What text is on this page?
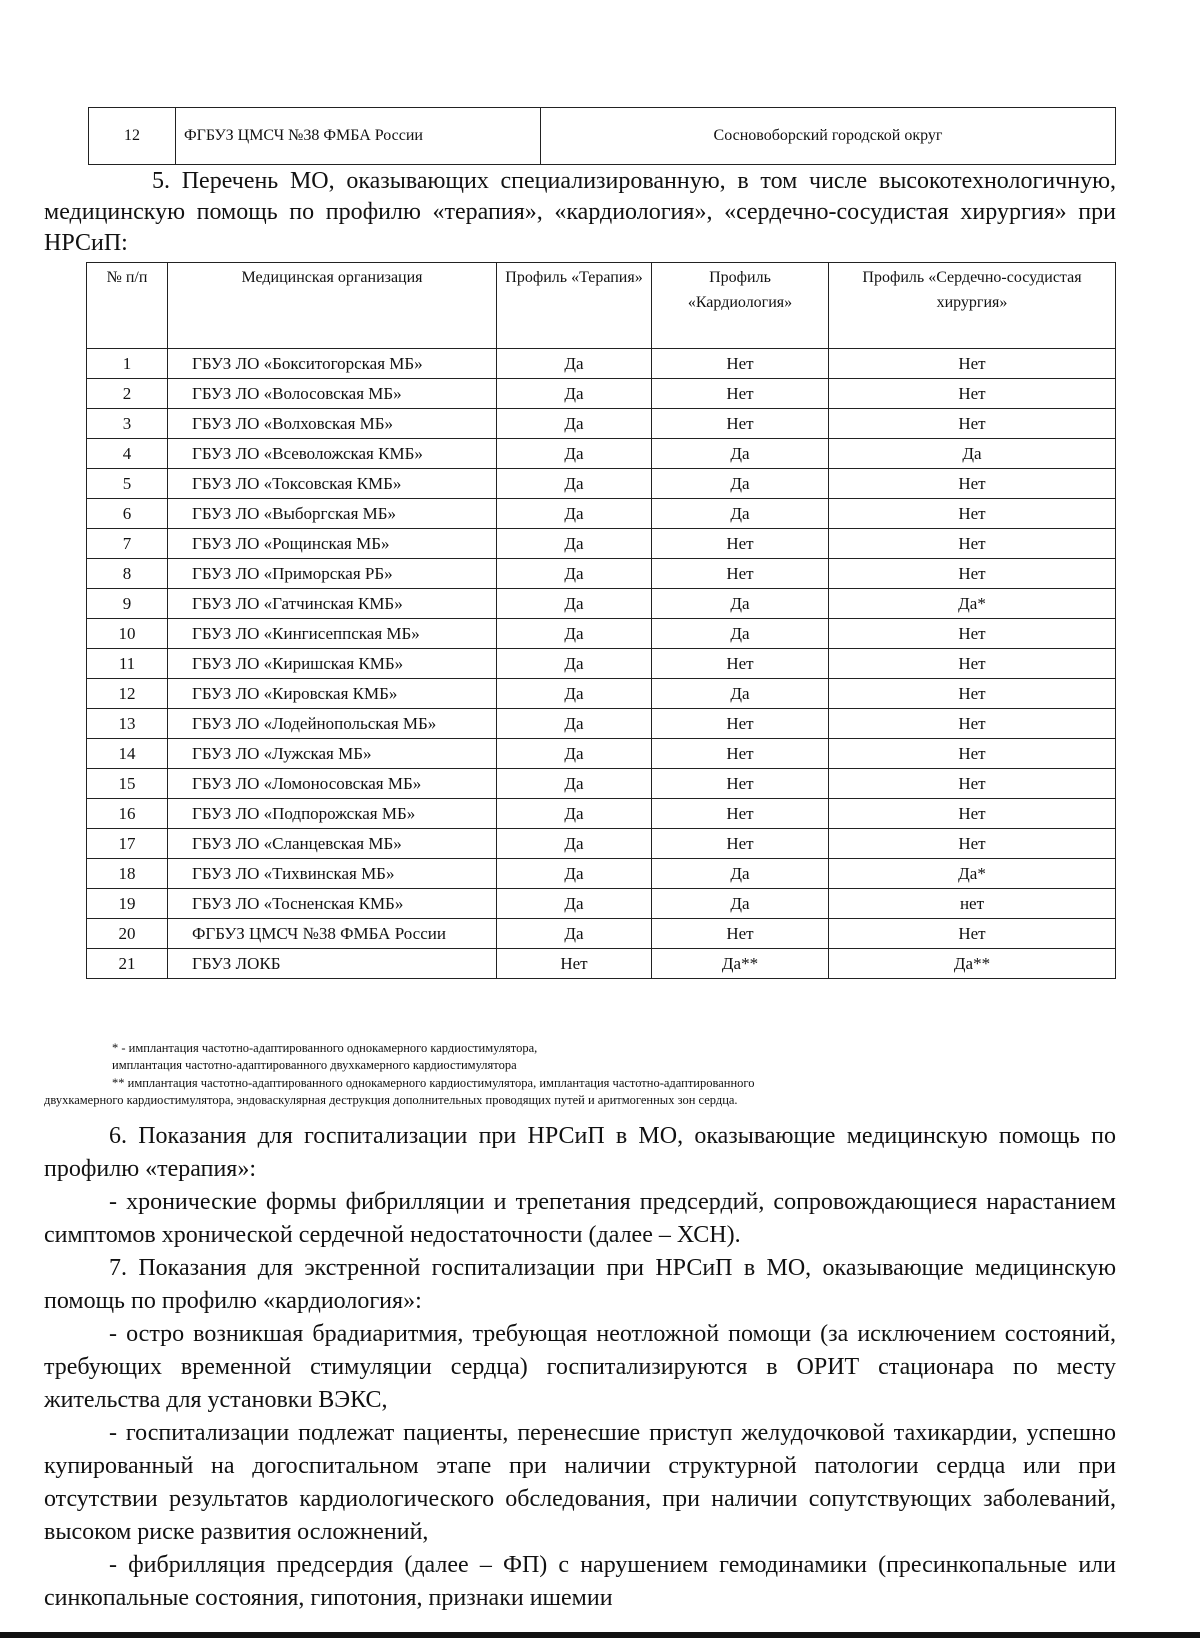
12	ФГБУЗ ЦМСЧ №38 ФМБА России	Сосновоборский городской округ

5. Перечень МО, оказывающих специализированную, в том числе высокотехнологичную, медицинскую помощь по профилю «терапия», «кардиология», «сердечно-сосудистая хирургия» при НРСиП:

№ п/п	Медицинская организация	Профиль «Терапия»	Профиль «Кардиология»	Профиль «Сердечно-сосудистая хирургия»
1	ГБУЗ ЛО «Бокситогорская МБ»	Да	Нет	Нет
2	ГБУЗ ЛО «Волосовская МБ»	Да	Нет	Нет
3	ГБУЗ ЛО «Волховская МБ»	Да	Нет	Нет
4	ГБУЗ ЛО «Всеволожская КМБ»	Да	Да	Да
5	ГБУЗ ЛО «Токсовская КМБ»	Да	Да	Нет
6	ГБУЗ ЛО «Выборгская МБ»	Да	Да	Нет
7	ГБУЗ ЛО «Рощинская МБ»	Да	Нет	Нет
8	ГБУЗ ЛО «Приморская РБ»	Да	Нет	Нет
9	ГБУЗ ЛО «Гатчинская КМБ»	Да	Да	Да*
10	ГБУЗ ЛО «Кингисеппская МБ»	Да	Да	Нет
11	ГБУЗ ЛО «Киришская КМБ»	Да	Нет	Нет
12	ГБУЗ ЛО «Кировская КМБ»	Да	Да	Нет
13	ГБУЗ ЛО «Лодейнопольская МБ»	Да	Нет	Нет
14	ГБУЗ ЛО «Лужская МБ»	Да	Нет	Нет
15	ГБУЗ ЛО «Ломоносовская МБ»	Да	Нет	Нет
16	ГБУЗ ЛО «Подпорожская МБ»	Да	Нет	Нет
17	ГБУЗ ЛО «Сланцевская МБ»	Да	Нет	Нет
18	ГБУЗ ЛО «Тихвинская МБ»	Да	Да	Да*
19	ГБУЗ ЛО «Тосненская КМБ»	Да	Да	нет
20	ФГБУЗ ЦМСЧ №38 ФМБА России	Да	Нет	Нет
21	ГБУЗ ЛОКБ	Нет	Да**	Да**

* - имплантация частотно-адаптированного однокамерного кардиостимулятора,

имплантация частотно-адаптированного двухкамерного кардиостимулятора

** имплантация частотно-адаптированного однокамерного кардиостимулятора, имплантация частотно-адаптированного

двухкамерного кардиостимулятора, эндоваскулярная деструкция дополнительных проводящих путей и аритмогенных зон сердца.

6. Показания для госпитализации при НРСиП в МО, оказывающие медицинскую помощь по профилю «терапия»:

- хронические формы фибрилляции и трепетания предсердий, сопровождающиеся нарастанием симптомов хронической сердечной недостаточности (далее – ХСН).

7. Показания для экстренной госпитализации при НРСиП в МО, оказывающие медицинскую помощь по профилю «кардиология»:

- остро возникшая брадиаритмия, требующая неотложной помощи (за исключением состояний, требующих временной стимуляции сердца) госпитализируются в ОРИТ стационара по месту жительства для установки ВЭКС,

- госпитализации подлежат пациенты, перенесшие приступ желудочковой тахикардии, успешно купированный на догоспитальном этапе при наличии структурной патологии сердца или при отсутствии результатов кардиологического обследования, при наличии сопутствующих заболеваний, высоком риске развития осложнений,

- фибрилляция предсердия (далее – ФП) с нарушением гемодинамики (пресинкопальные или синкопальные состояния, гипотония, признаки ишемии
